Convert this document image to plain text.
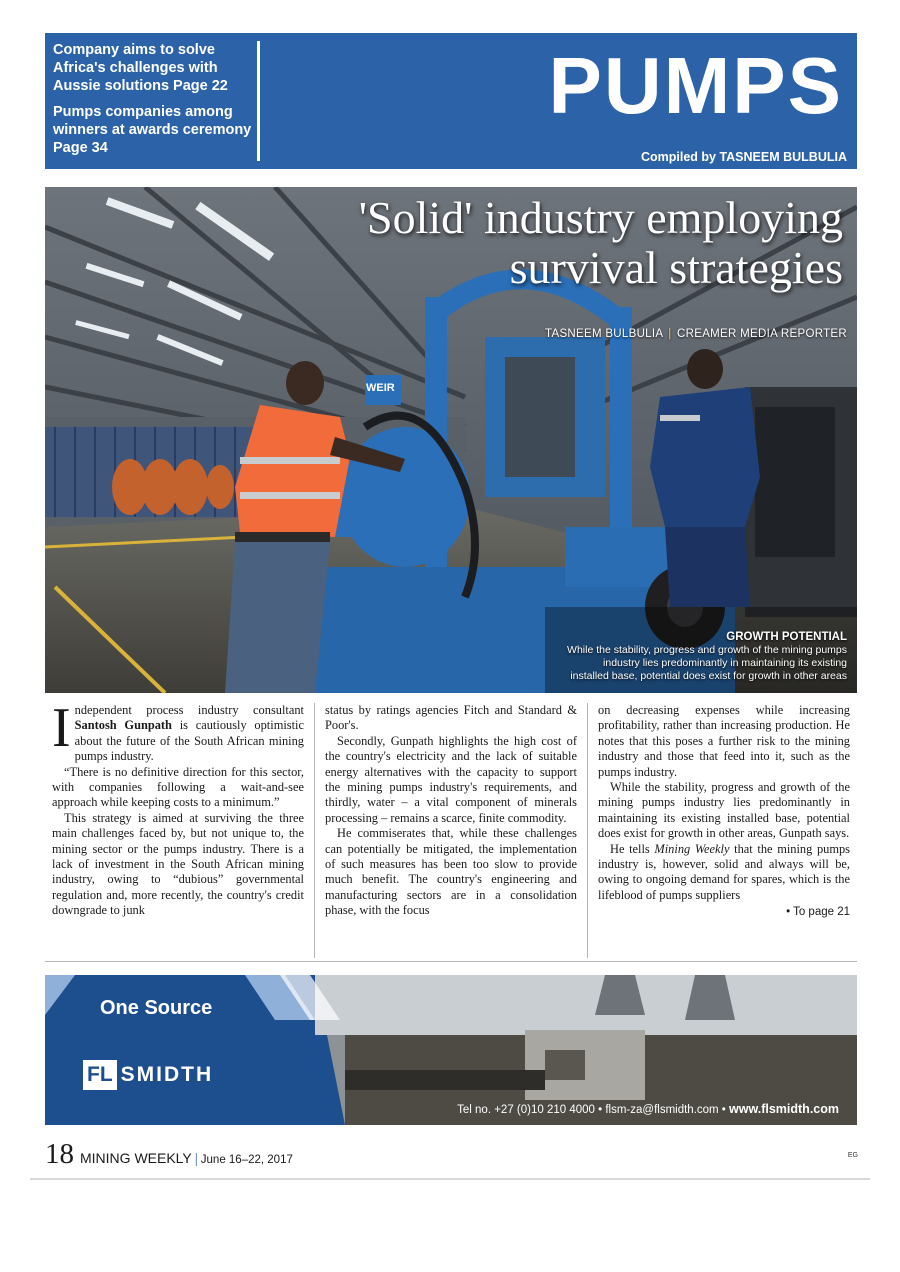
Company aims to solve Africa's challenges with Aussie solutions Page 22

Pumps companies among winners at awards ceremony Page 34

PUMPS
Compiled by TASNEEM BULBULIA
'Solid' industry employing
survival strategies
TASNEEM BULBULIA | CREAMER MEDIA REPORTER
WEIR
GROWTH POTENTIAL
While the stability, progress and growth of the mining pumps industry lies predominantly in maintaining its existing installed base, potential does exist for growth in other areas

Independent process industry consultant Santosh Gunpath is cautiously optimistic about the future of the South African mining pumps industry.

“There is no definitive direction for this sector, with companies following a wait-and-see approach while keeping costs to a minimum.”

This strategy is aimed at surviving the three main challenges faced by, but not unique to, the mining sector or the pumps industry. There is a lack of investment in the South African mining industry, owing to “dubious” governmental regulation and, more recently, the country's credit downgrade to junk

status by ratings agencies Fitch and Standard & Poor's.

Secondly, Gunpath highlights the high cost of the country's electricity and the lack of suitable energy alternatives with the capacity to support the mining pumps industry's requirements, and thirdly, water – a vital component of minerals processing – remains a scarce, finite commodity.

He commiserates that, while these challenges can potentially be mitigated, the implementation of such measures has been too slow to provide much benefit. The country's engineering and manufacturing sectors are in a consolidation phase, with the focus

on decreasing expenses while increasing profitability, rather than increasing production. He notes that this poses a further risk to the mining industry and those that feed into it, such as the pumps industry.

While the stability, progress and growth of the mining pumps industry lies predominantly in maintaining its existing installed base, potential does exist for growth in other areas, Gunpath says.

He tells Mining Weekly that the mining pumps industry is, however, solid and always will be, owing to ongoing demand for spares, which is the lifeblood of pumps suppliers

• To page 21
One Source
FL SMIDTH
Tel no. +27 (0)10 210 4000 • flsm-za@flsmidth.com • www.flsmidth.com
18 MINING WEEKLY | June 16–22, 2017	EG
